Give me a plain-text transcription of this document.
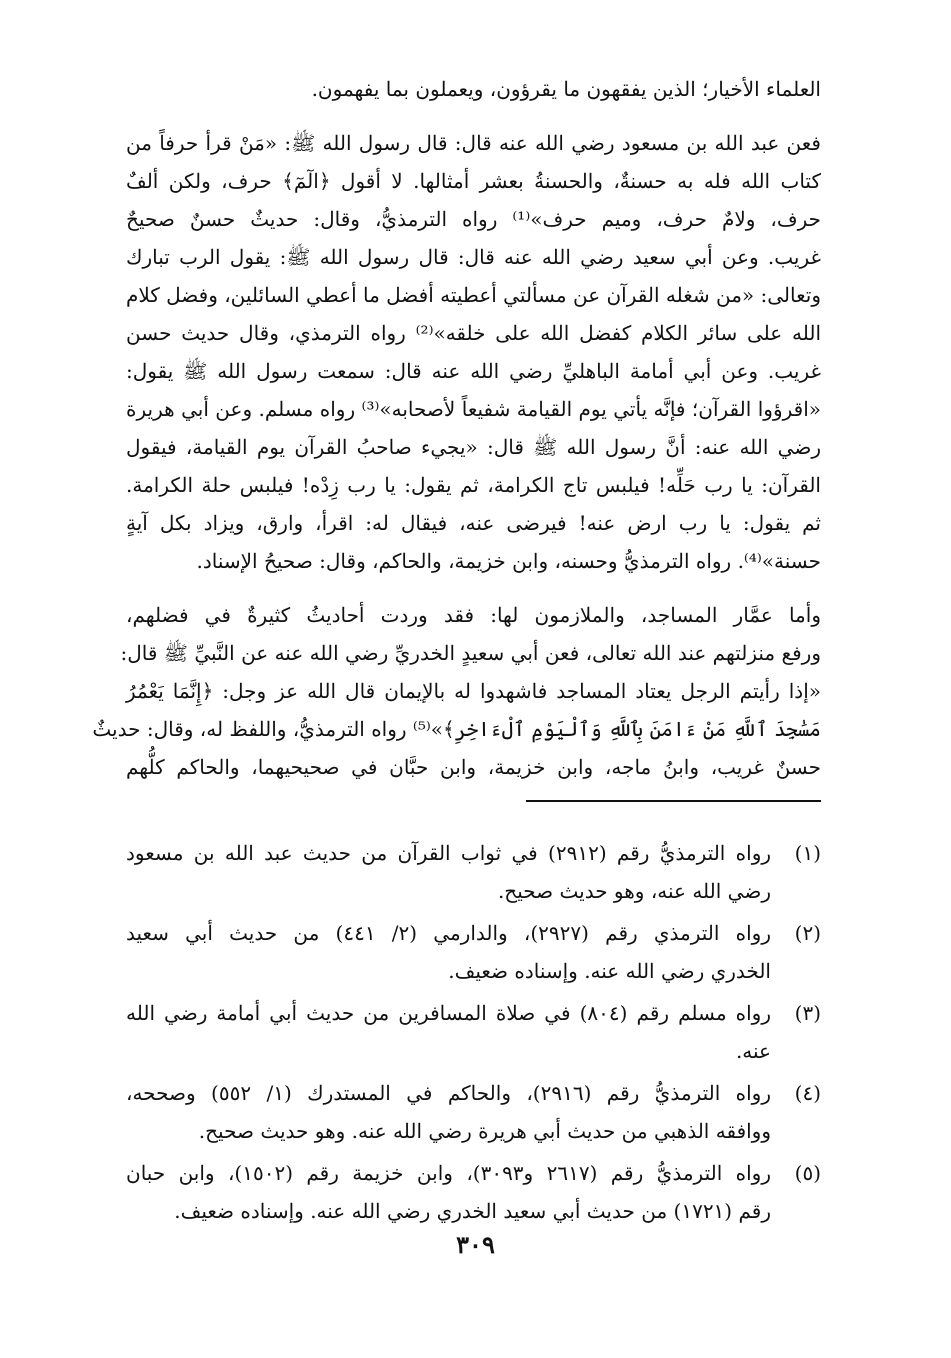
العلماء الأخيار؛ الذين يفقهون ما يقرؤون، ويعملون بما يفهمون.
فعن عبد الله بن مسعود رضي الله عنه قال: قال رسول الله ﷺ: «مَنْ قرأ حرفاً من
كتاب الله فله به حسنةٌ، والحسنةُ بعشر أمثالها. لا أقول ﴿الٓمٓ﴾ حرف، ولكن ألفٌ
حرف، ولامٌ حرف، وميم حرف»⁽¹⁾ رواه الترمذيُّ، وقال: حديثٌ حسنٌ صحيحٌ
غريب. وعن أبي سعيد رضي الله عنه قال: قال رسول الله ﷺ: يقول الرب تبارك
وتعالى: «من شغله القرآن عن مسألتي أعطيته أفضل ما أعطي السائلين، وفضل كلام
الله على سائر الكلام كفضل الله على خلقه»⁽²⁾ رواه الترمذي، وقال حديث حسن
غريب. وعن أبي أمامة الباهليِّ رضي الله عنه قال: سمعت رسول الله ﷺ يقول:
«اقرؤوا القرآن؛ فإنَّه يأتي يوم القيامة شفيعاً لأصحابه»⁽³⁾ رواه مسلم. وعن أبي هريرة
رضي الله عنه: أنَّ رسول الله ﷺ قال: «يجيء صاحبُ القرآن يوم القيامة، فيقول
القرآن: يا رب حَلِّه! فيلبس تاج الكرامة، ثم يقول: يا رب زِدْه! فيلبس حلة الكرامة.
ثم يقول: يا رب ارض عنه! فيرضى عنه، فيقال له: اقرأ، وارق، ويزاد بكل آيةٍ
حسنة»⁽⁴⁾. رواه الترمذيُّ وحسنه، وابن خزيمة، والحاكم، وقال: صحيحُ الإسناد.
وأما عمَّار المساجد، والملازمون لها: فقد وردت أحاديثُ كثيرةٌ في فضلهم،
ورفع منزلتهم عند الله تعالى، فعن أبي سعيدٍ الخدريِّ رضي الله عنه عن النَّبيِّ ﷺ قال:
«إذا رأيتم الرجل يعتاد المساجد فاشهدوا له بالإيمان قال الله عز وجل: ﴿إِنَّمَا يَعْمُرُ
مَسَٰجِدَ ٱللَّهِ مَنْ ءَامَنَ بِٱللَّهِ وَٱلْيَوْمِ ٱلْءَاخِرِ﴾»⁽⁵⁾ رواه الترمذيُّ، واللفظ له، وقال: حديثٌ
حسنٌ غريب، وابنُ ماجه، وابن خزيمة، وابن حبَّان في صحيحيهما، والحاكم كلُّهم
(١)
رواه الترمذيُّ رقم (٢٩١٢) في ثواب القرآن من حديث عبد الله بن مسعود
رضي الله عنه، وهو حديث صحيح.
(٢)
رواه الترمذي رقم (٢٩٢٧)، والدارمي (٢/ ٤٤١) من حديث أبي سعيد
الخدري رضي الله عنه. وإسناده ضعيف.
(٣)
رواه مسلم رقم (٨٠٤) في صلاة المسافرين من حديث أبي أمامة رضي الله
عنه.
(٤)
رواه الترمذيُّ رقم (٢٩١٦)، والحاكم في المستدرك (١/ ٥٥٢) وصححه،
ووافقه الذهبي من حديث أبي هريرة رضي الله عنه. وهو حديث صحيح.
(٥)
رواه الترمذيُّ رقم (٢٦١٧ و٣٠٩٣)، وابن خزيمة رقم (١٥٠٢)، وابن حبان
رقم (١٧٢١) من حديث أبي سعيد الخدري رضي الله عنه. وإسناده ضعيف.
٣٠٩
